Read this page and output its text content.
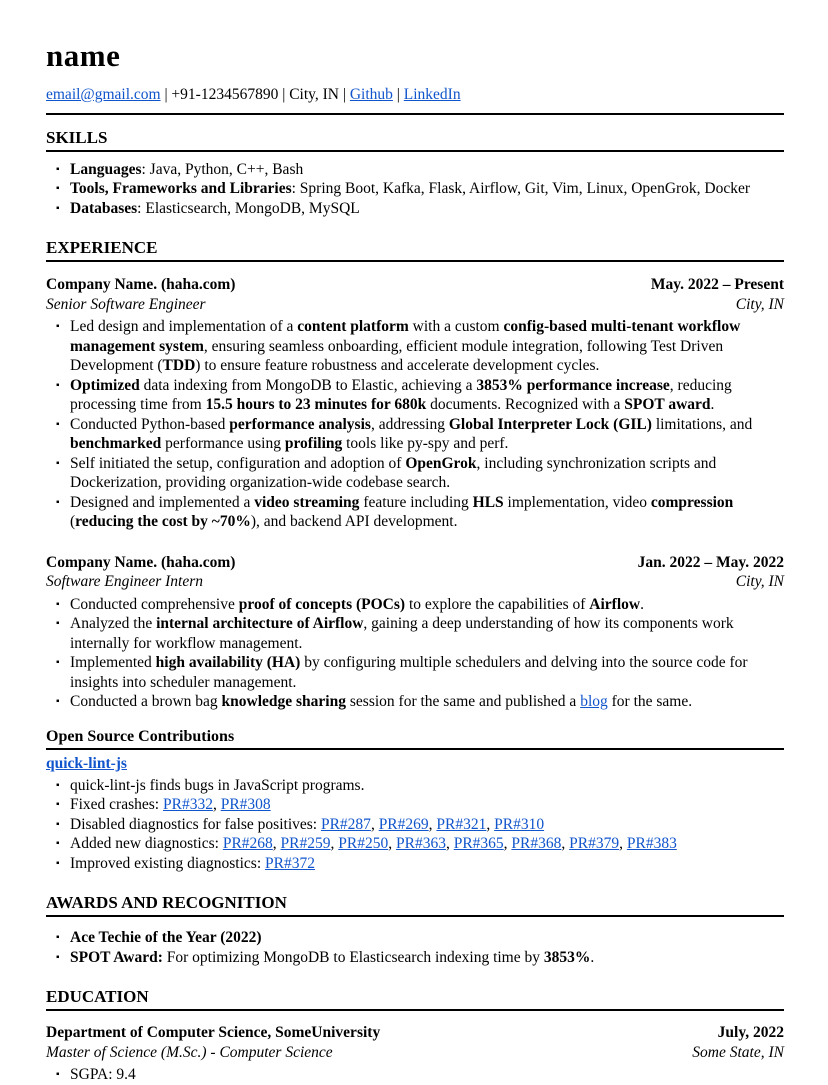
name

email@gmail.com | +91-1234567890 | City, IN | Github | LinkedIn

SKILLS
▪ Languages: Java, Python, C++, Bash
▪ Tools, Frameworks and Libraries: Spring Boot, Kafka, Flask, Airflow, Git, Vim, Linux, OpenGrok, Docker
▪ Databases: Elasticsearch, MongoDB, MySQL
EXPERIENCE
Company Name. (haha.com)	May. 2022 – Present
Senior Software Engineer	City, IN
▪ Led design and implementation of a content platform with a custom config-based multi-tenant workflow management system, ensuring seamless onboarding, efficient module integration, following Test Driven Development (TDD) to ensure feature robustness and accelerate development cycles.
▪ Optimized data indexing from MongoDB to Elastic, achieving a 3853% performance increase, reducing processing time from 15.5 hours to 23 minutes for 680k documents. Recognized with a SPOT award.
▪ Conducted Python-based performance analysis, addressing Global Interpreter Lock (GIL) limitations, and benchmarked performance using profiling tools like py-spy and perf.
▪ Self initiated the setup, configuration and adoption of OpenGrok, including synchronization scripts and Dockerization, providing organization-wide codebase search.
▪ Designed and implemented a video streaming feature including HLS implementation, video compression (reducing the cost by ~70%), and backend API development.
Company Name. (haha.com)	Jan. 2022 – May. 2022
Software Engineer Intern	City, IN
▪ Conducted comprehensive proof of concepts (POCs) to explore the capabilities of Airflow.
▪ Analyzed the internal architecture of Airflow, gaining a deep understanding of how its components work internally for workflow management.
▪ Implemented high availability (HA) by configuring multiple schedulers and delving into the source code for insights into scheduler management.
▪ Conducted a brown bag knowledge sharing session for the same and published a blog for the same.
Open Source Contributions

quick-lint-js

▪ quick-lint-js finds bugs in JavaScript programs.
▪ Fixed crashes: PR#332, PR#308
▪ Disabled diagnostics for false positives: PR#287, PR#269, PR#321, PR#310
▪ Added new diagnostics: PR#268, PR#259, PR#250, PR#363, PR#365, PR#368, PR#379, PR#383
▪ Improved existing diagnostics: PR#372
AWARDS AND RECOGNITION
▪ Ace Techie of the Year (2022)
▪ SPOT Award: For optimizing MongoDB to Elasticsearch indexing time by 3853%.
EDUCATION
Department of Computer Science, SomeUniversity	July, 2022
Master of Science (M.Sc.) - Computer Science	Some State, IN
▪ SGPA: 9.4
